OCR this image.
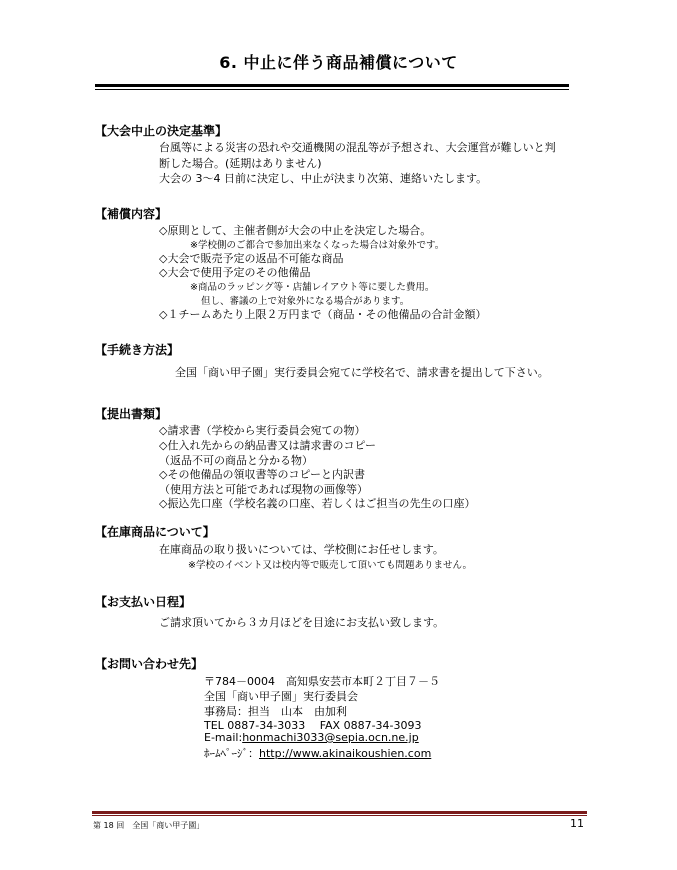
6. 中止に伴う商品補償について
【大会中止の決定基準】
台風等による災害の恐れや交通機関の混乱等が予想され、大会運営が難しいと判
断した場合。(延期はありません)
大会の 3～4 日前に決定し、中止が決まり次第、連絡いたします。
【補償内容】
◇原則として、主催者側が大会の中止を決定した場合。
※学校側のご都合で参加出来なくなった場合は対象外です。
◇大会で販売予定の返品不可能な商品
◇大会で使用予定のその他備品
※商品のラッピング等・店舗レイアウト等に要した費用。
但し、審議の上で対象外になる場合があります。
◇１チームあたり上限２万円まで（商品・その他備品の合計金額）
【手続き方法】
全国「商い甲子園」実行委員会宛てに学校名で、請求書を提出して下さい。
【提出書類】
◇請求書（学校から実行委員会宛ての物）
◇仕入れ先からの納品書又は請求書のコピー
（返品不可の商品と分かる物）
◇その他備品の領収書等のコピーと内訳書
（使用方法と可能であれば現物の画像等）
◇振込先口座（学校名義の口座、若しくはご担当の先生の口座）
【在庫商品について】
在庫商品の取り扱いについては、学校側にお任せします。
※学校のイベント又は校内等で販売して頂いても問題ありません。
【お支払い日程】
ご請求頂いてから３カ月ほどを目途にお支払い致します。
【お問い合わせ先】
〒784－0004　高知県安芸市本町２丁目７－５
全国「商い甲子園」実行委員会
事務局：担当　山本　由加利
TEL 0887-34-3033　 FAX 0887-34-3093
E-mail:honmachi3033@sepia.ocn.ne.jp
ﾎｰﾑﾍﾟｰｼﾞ：http://www.akinaikoushien.com
第 18 回　全国「商い甲子園」	11
